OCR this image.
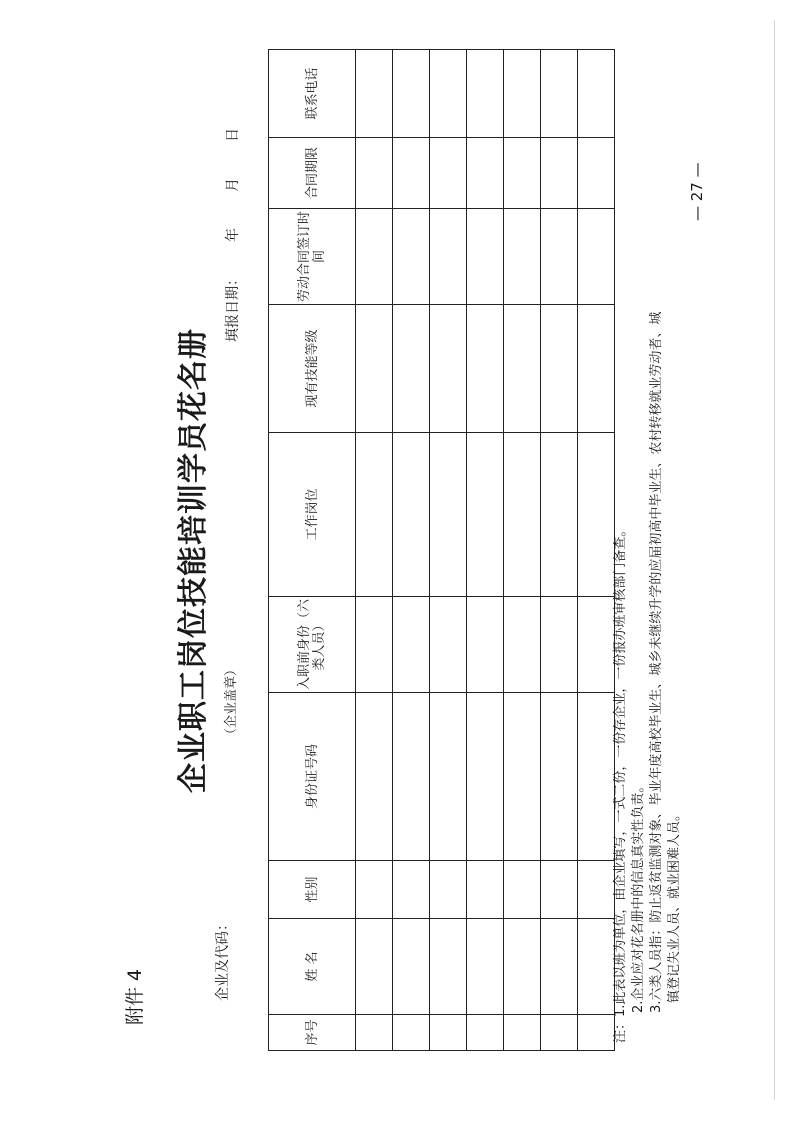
附件 4
企业职工岗位技能培训学员花名册
企业及代码：
（企业盖章）
填报日期：年月日
序号	姓 名	性别	身份证号码	入职前身份（六类人员）	工作岗位	现有技能等级	劳动合同签订时间	合同期限	联系电话

注：1.此表以班为单位，由企业填写，一式二份，一份存企业，一份报办班审核部门备查。 2.企业应对花名册中的信息真实性负责。 3.六类人员指：防止返贫监测对象、毕业年度高校毕业生、城乡未继续升学的应届初高中毕业生、农村转移就业劳动者、城 镇登记失业人员、就业困难人员。
— 27 —
